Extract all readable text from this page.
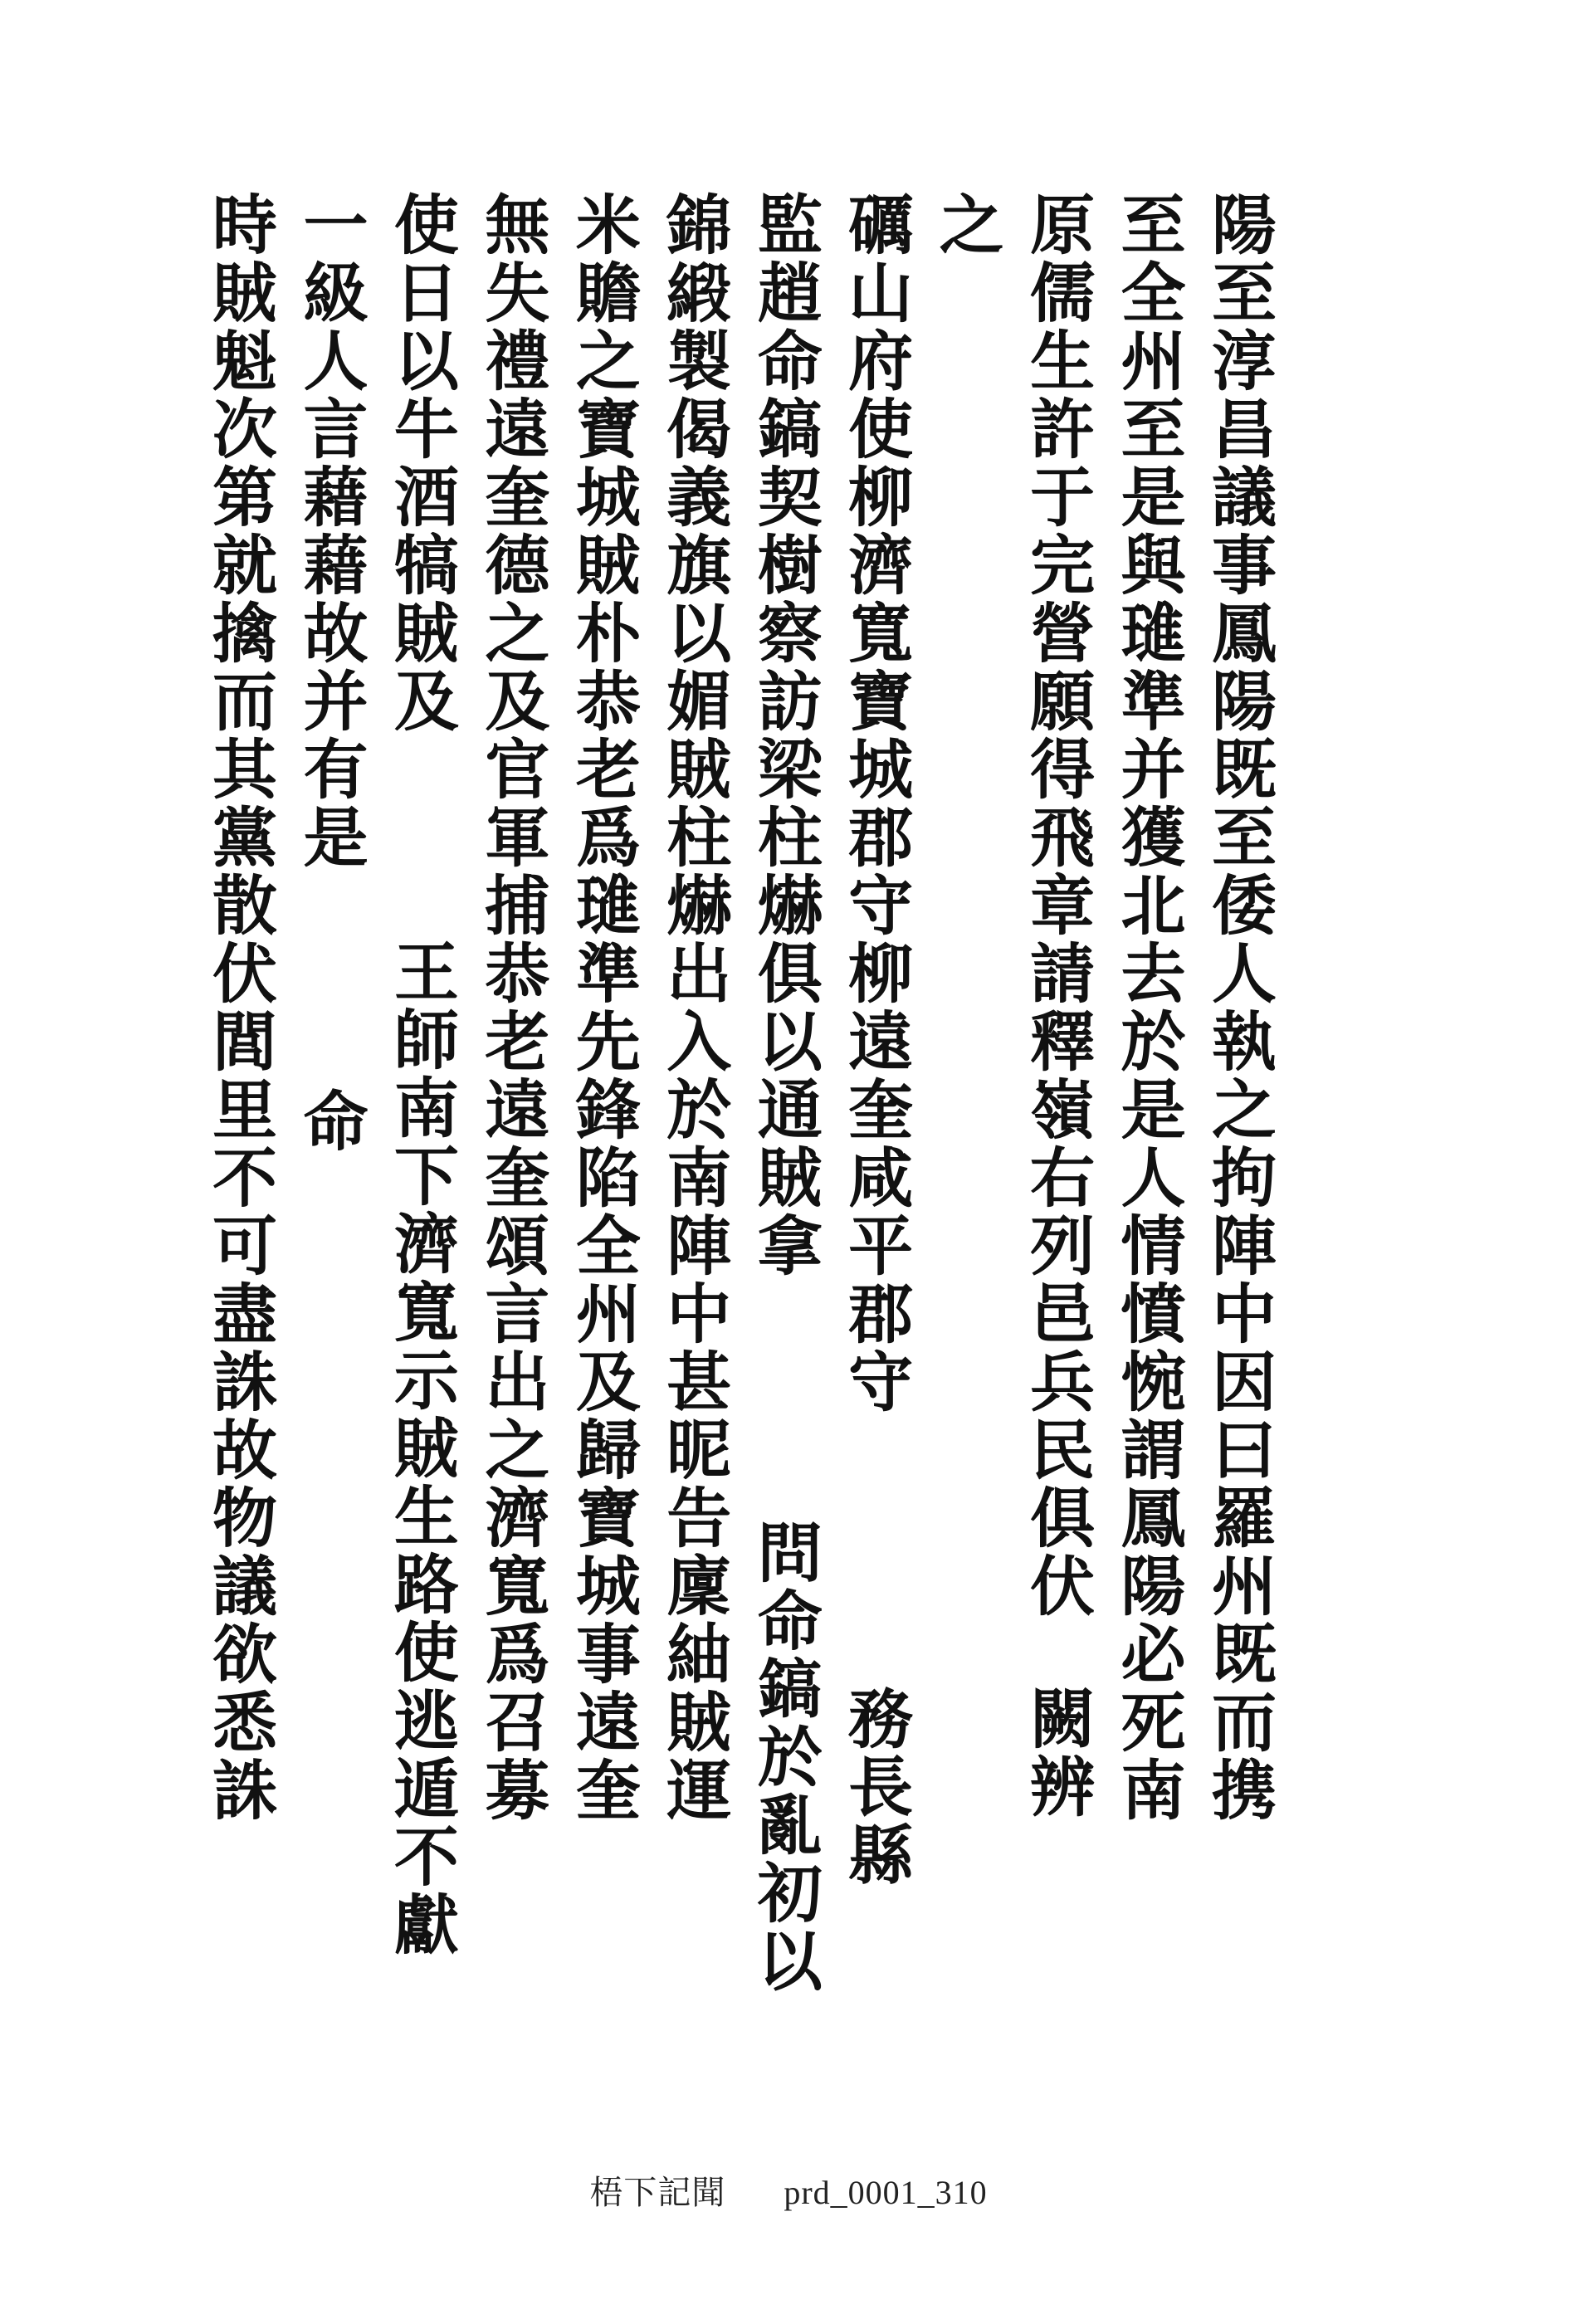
陽至淳昌議事鳳陽既至倭人執之拘陣中因曰羅州既而携
至全州至是與璡準并獲北去於是人情憤惋謂鳳陽必死南
原儒生許于完營願得飛章請釋嶺右列邑兵民俱伏
闕辨
之
礪山府使柳濟寬寶城郡守柳遠奎咸平郡守
務長縣
監趙命鎬契樹察訪梁柱爀俱以通賊拿
問命鎬於亂初以
錦緞製偈義旗以媚賊柱爀出入於南陣中甚昵告廩紬賊運
米贍之寶城賊朴恭老爲璡準先鋒陷全州及歸寶城事遠奎
無失禮遠奎德之及官軍捕恭老遠奎頌言出之濟寬爲召募
使日以牛酒犒賊及
王師南下濟寬示賊生路使逃遁不獻
一級人言藉藉故并有是
命
時賊魁次第就擒而其黨散伏閭里不可盡誅故物議欲悉誅
梧下記聞 prd_0001_310
